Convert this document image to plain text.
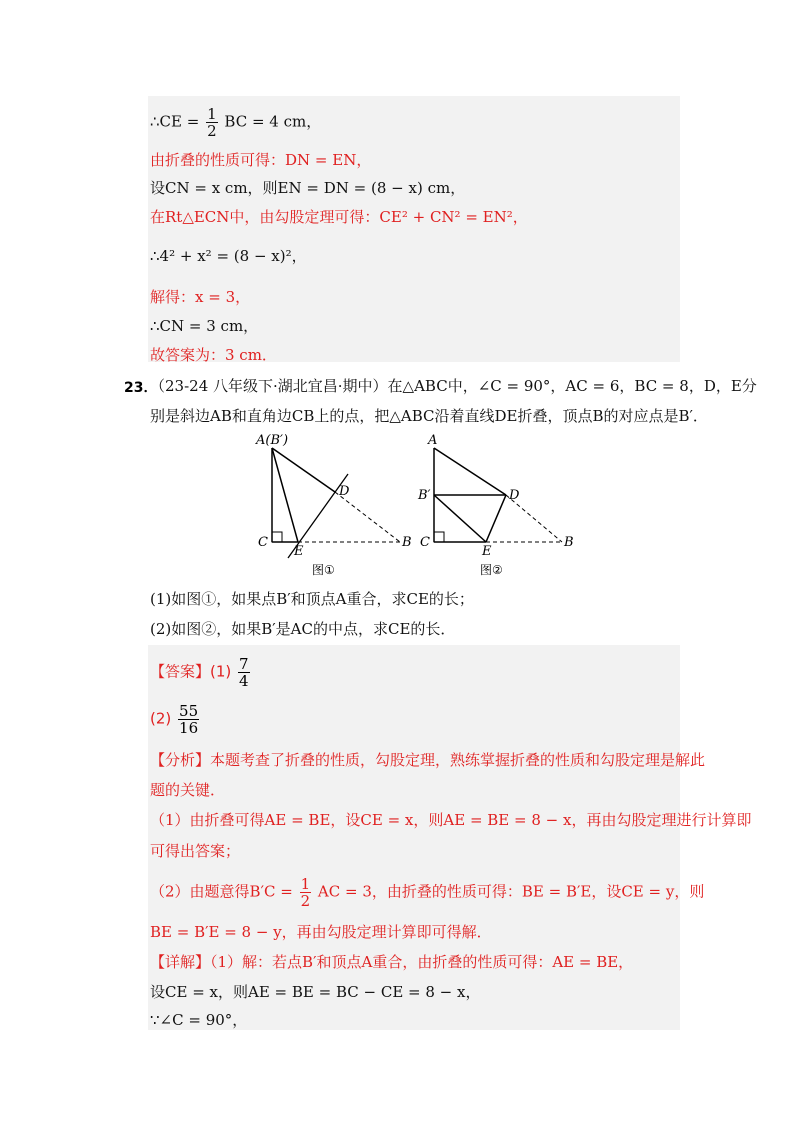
∴CE = $\frac{1}{2}$ BC = 4 cm，
由折叠的性质可得：DN = EN，
设CN = x cm，则EN = DN = (8 − x) cm，
在Rt△ECN中，由勾股定理可得：CE² + CN² = EN²，
∴4² + x² = (8 − x)²，
解得：x = 3，
∴CN = 3 cm，
故答案为：3 cm．
23．
（23-24 八年级下·湖北宜昌·期中）在△ABC中，∠C = 90°，AC = 6，BC = 8，D，E分
别是斜边AB和直角边CB上的点，把△ABC沿着直线DE折叠，顶点B的对应点是B′．
A(B′)
C
D
E
B
图①
A
B′
C
D
E
B
图②
(1)如图①，如果点B′和顶点A重合，求CE的长；
(2)如图②，如果B′是AC的中点，求CE的长．
【答案】$(1) \frac{7}{4}$
$(2) \frac{55}{16}$
【分析】本题考查了折叠的性质，勾股定理，熟练掌握折叠的性质和勾股定理是解此
题的关键．
（1）由折叠可得AE = BE，设CE = x，则AE = BE = 8 − x，再由勾股定理进行计算即
可得出答案；
（2）由题意得$B'C = \frac{1}{2}$ AC = 3，由折叠的性质可得：BE = B′E，设CE = y，则
BE = B′E = 8 − y，再由勾股定理计算即可得解．
【详解】（1）解：若点B′和顶点A重合，由折叠的性质可得：AE = BE，
设CE = x，则AE = BE = BC − CE = 8 − x，
∵∠C = 90°，
